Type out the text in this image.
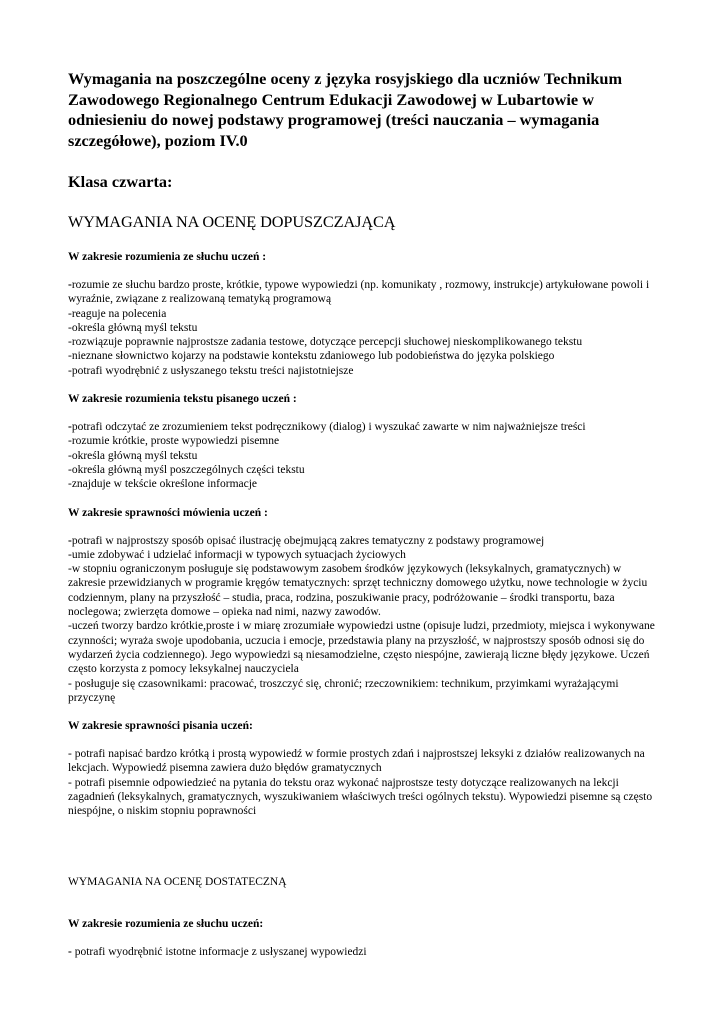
Wymagania na poszczególne oceny z języka rosyjskiego dla uczniów Technikum Zawodowego Regionalnego Centrum Edukacji Zawodowej w Lubartowie w odniesieniu do nowej podstawy programowej (treści nauczania – wymagania szczegółowe), poziom IV.0

Klasa czwarta:
WYMAGANIA NA OCENĘ DOPUSZCZAJĄCĄ
W zakresie rozumienia ze słuchu uczeń :
-rozumie ze słuchu bardzo proste, krótkie, typowe wypowiedzi (np. komunikaty , rozmowy, instrukcje) artykułowane powoli i wyraźnie, związane z realizowaną tematyką programową
-reaguje na polecenia
-określa główną myśl tekstu
-rozwiązuje poprawnie najprostsze zadania testowe, dotyczące percepcji słuchowej nieskomplikowanego tekstu
-nieznane słownictwo kojarzy na podstawie kontekstu zdaniowego lub podobieństwa do języka polskiego
-potrafi wyodrębnić z usłyszanego tekstu treści najistotniejsze
W zakresie rozumienia tekstu pisanego uczeń :
-potrafi odczytać ze zrozumieniem tekst podręcznikowy (dialog) i wyszukać zawarte w nim najważniejsze treści
-rozumie krótkie, proste wypowiedzi pisemne
-określa główną myśl tekstu
-określa główną myśl poszczególnych części tekstu
-znajduje w tekście określone informacje
W zakresie sprawności mówienia uczeń :
-potrafi w najprostszy sposób opisać ilustrację obejmującą zakres tematyczny z podstawy programowej
-umie zdobywać i udzielać informacji w typowych sytuacjach życiowych
-w stopniu ograniczonym posługuje się podstawowym zasobem środków językowych (leksykalnych, gramatycznych) w zakresie przewidzianych w programie kręgów tematycznych: sprzęt techniczny domowego użytku, nowe technologie w życiu codziennym, plany na przyszłość – studia, praca, rodzina, poszukiwanie pracy, podróżowanie – środki transportu, baza noclegowa; zwierzęta domowe – opieka nad nimi, nazwy zawodów.
-uczeń tworzy bardzo krótkie,proste i w miarę zrozumiałe wypowiedzi ustne (opisuje ludzi, przedmioty, miejsca i wykonywane czynności; wyraża swoje upodobania, uczucia i emocje, przedstawia plany na przyszłość, w najprostszy sposób odnosi się do wydarzeń życia codziennego). Jego wypowiedzi są niesamodzielne, często niespójne, zawierają liczne błędy językowe. Uczeń często korzysta z pomocy leksykalnej nauczyciela
- posługuje się czasownikami: pracować, troszczyć się, chronić; rzeczownikiem: technikum, przyimkami wyrażającymi przyczynę
W zakresie sprawności pisania uczeń:
- potrafi napisać bardzo krótką i prostą wypowiedź w formie prostych zdań i najprostszej leksyki z działów realizowanych na lekcjach. Wypowiedź pisemna zawiera dużo błędów gramatycznych
- potrafi pisemnie odpowiedzieć na pytania do tekstu oraz wykonać najprostsze testy dotyczące realizowanych na lekcji zagadnień (leksykalnych, gramatycznych, wyszukiwaniem właściwych treści ogólnych tekstu). Wypowiedzi pisemne są często niespójne, o niskim stopniu poprawności
WYMAGANIA NA OCENĘ DOSTATECZNĄ
W zakresie rozumienia ze słuchu uczeń:
- potrafi wyodrębnić istotne informacje z usłyszanej wypowiedzi
